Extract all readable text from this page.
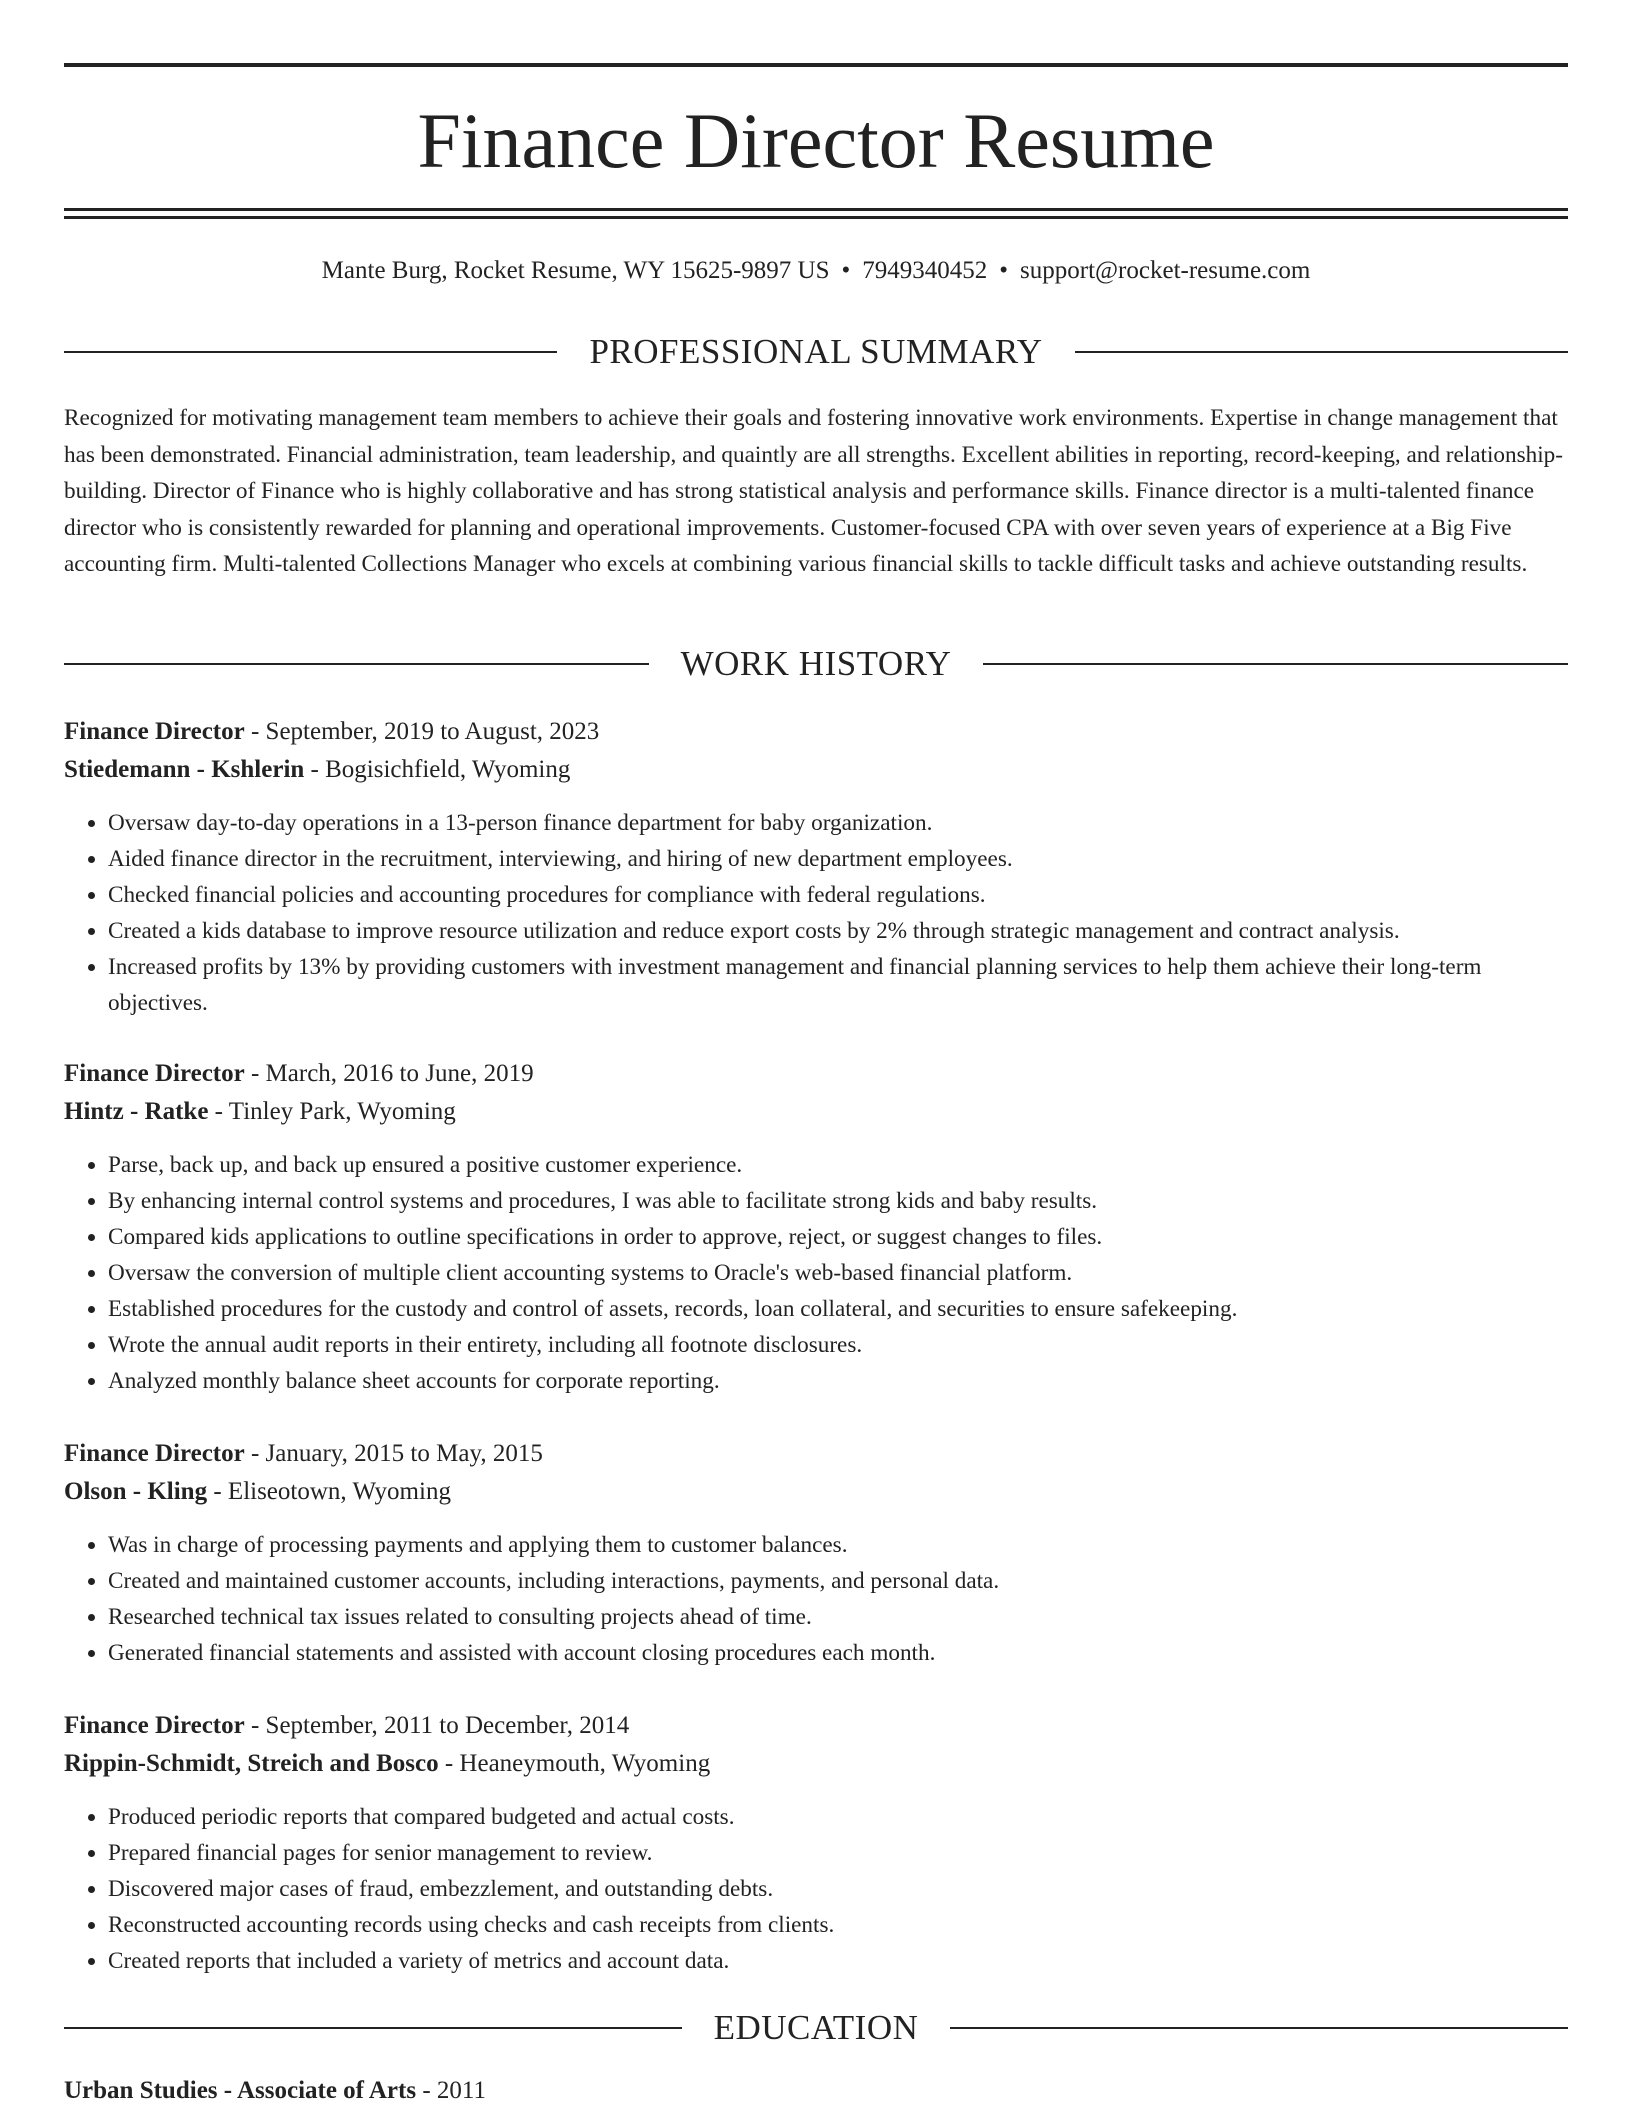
Finance Director Resume
Mante Burg, Rocket Resume, WY 15625-9897 US • 7949340452 • support@rocket-resume.com
PROFESSIONAL SUMMARY

Recognized for motivating management team members to achieve their goals and fostering innovative work environments. Expertise in change management that has been demonstrated. Financial administration, team leadership, and quaintly are all strengths. Excellent abilities in reporting, record-keeping, and relationship-building. Director of Finance who is highly collaborative and has strong statistical analysis and performance skills. Finance director is a multi-talented finance director who is consistently rewarded for planning and operational improvements. Customer-focused CPA with over seven years of experience at a Big Five accounting firm. Multi-talented Collections Manager who excels at combining various financial skills to tackle difficult tasks and achieve outstanding results.

WORK HISTORY
Finance Director - September, 2019 to August, 2023
Stiedemann - Kshlerin - Bogisichfield, Wyoming
• Oversaw day-to-day operations in a 13-person finance department for baby organization.
• Aided finance director in the recruitment, interviewing, and hiring of new department employees.
• Checked financial policies and accounting procedures for compliance with federal regulations.
• Created a kids database to improve resource utilization and reduce export costs by 2% through strategic management and contract analysis.
• Increased profits by 13% by providing customers with investment management and financial planning services to help them achieve their long-term objectives.
Finance Director - March, 2016 to June, 2019
Hintz - Ratke - Tinley Park, Wyoming
• Parse, back up, and back up ensured a positive customer experience.
• By enhancing internal control systems and procedures, I was able to facilitate strong kids and baby results.
• Compared kids applications to outline specifications in order to approve, reject, or suggest changes to files.
• Oversaw the conversion of multiple client accounting systems to Oracle's web-based financial platform.
• Established procedures for the custody and control of assets, records, loan collateral, and securities to ensure safekeeping.
• Wrote the annual audit reports in their entirety, including all footnote disclosures.
• Analyzed monthly balance sheet accounts for corporate reporting.
Finance Director - January, 2015 to May, 2015
Olson - Kling - Eliseotown, Wyoming
• Was in charge of processing payments and applying them to customer balances.
• Created and maintained customer accounts, including interactions, payments, and personal data.
• Researched technical tax issues related to consulting projects ahead of time.
• Generated financial statements and assisted with account closing procedures each month.
Finance Director - September, 2011 to December, 2014
Rippin-Schmidt, Streich and Bosco - Heaneymouth, Wyoming
• Produced periodic reports that compared budgeted and actual costs.
• Prepared financial pages for senior management to review.
• Discovered major cases of fraud, embezzlement, and outstanding debts.
• Reconstructed accounting records using checks and cash receipts from clients.
• Created reports that included a variety of metrics and account data.
EDUCATION
Urban Studies - Associate of Arts - 2011
